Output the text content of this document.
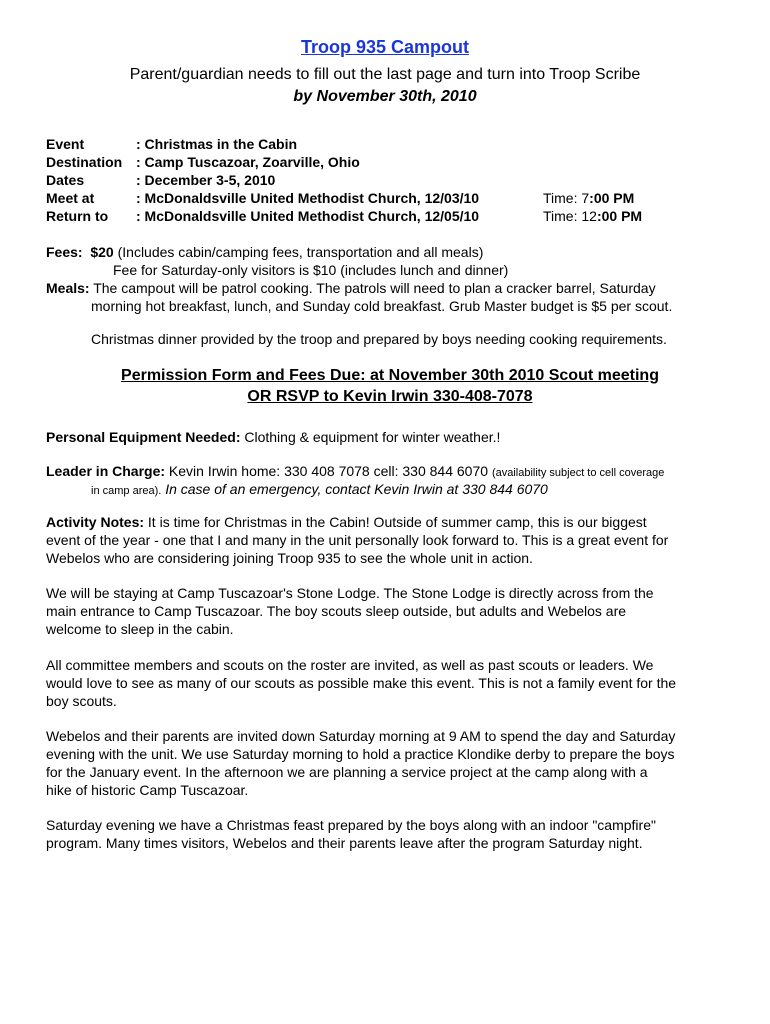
Troop 935 Campout
Parent/guardian needs to fill out the last page and turn into Troop Scribe
by November 30th, 2010
Event	: Christmas in the Cabin
Destination : Camp Tuscazoar, Zoarville, Ohio
Dates	: December 3-5, 2010
Meet at	: McDonaldsville United Methodist Church, 12/03/10	Time: 7:00 PM
Return to : McDonaldsville United Methodist Church, 12/05/10	Time: 12:00 PM
Fees: $20 (Includes cabin/camping fees, transportation and all meals)
Fee for Saturday-only visitors is $10 (includes lunch and dinner)
Meals: The campout will be patrol cooking. The patrols will need to plan a cracker barrel, Saturday
morning hot breakfast, lunch, and Sunday cold breakfast. Grub Master budget is $5 per scout.
Christmas dinner provided by the troop and prepared by boys needing cooking requirements.
Permission Form and Fees Due: at November 30th 2010 Scout meeting
OR RSVP to Kevin Irwin 330-408-7078
Personal Equipment Needed: Clothing & equipment for winter weather.!
Leader in Charge: Kevin Irwin home: 330 408 7078 cell: 330 844 6070 (availability subject to cell coverage
in camp area). In case of an emergency, contact Kevin Irwin at 330 844 6070

Activity Notes: It is time for Christmas in the Cabin! Outside of summer camp, this is our biggest

event of the year - one that I and many in the unit personally look forward to. This is a great event for

Webelos who are considering joining Troop 935 to see the whole unit in action.

We will be staying at Camp Tuscazoar's Stone Lodge. The Stone Lodge is directly across from the

main entrance to Camp Tuscazoar. The boy scouts sleep outside, but adults and Webelos are

welcome to sleep in the cabin.

All committee members and scouts on the roster are invited, as well as past scouts or leaders. We

would love to see as many of our scouts as possible make this event. This is not a family event for the

boy scouts.

Webelos and their parents are invited down Saturday morning at 9 AM to spend the day and Saturday

evening with the unit. We use Saturday morning to hold a practice Klondike derby to prepare the boys

for the January event. In the afternoon we are planning a service project at the camp along with a

hike of historic Camp Tuscazoar.

Saturday evening we have a Christmas feast prepared by the boys along with an indoor "campfire"

program. Many times visitors, Webelos and their parents leave after the program Saturday night.
